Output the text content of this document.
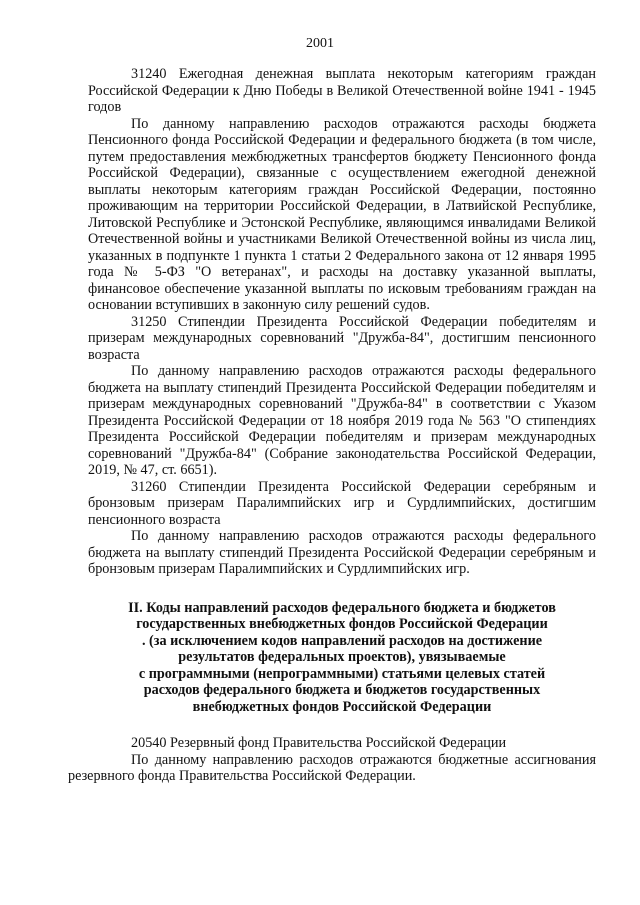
2001

31240 Ежегодная денежная выплата некоторым категориям граждан Российской Федерации к Дню Победы в Великой Отечественной войне 1941 - 1945 годов

По данному направлению расходов отражаются расходы бюджета Пенсионного фонда Российской Федерации и федерального бюджета (в том числе, путем предоставления межбюджетных трансфертов бюджету Пенсионного фонда Российской Федерации), связанные с осуществлением ежегодной денежной выплаты некоторым категориям граждан Российской Федерации, постоянно проживающим на территории Российской Федерации, в Латвийской Республике, Литовской Республике и Эстонской Республике, являющимся инвалидами Великой Отечественной войны и участниками Великой Отечественной войны из числа лиц, указанных в подпункте 1 пункта 1 статьи 2 Федерального закона от 12 января 1995 года № 5-ФЗ "О ветеранах", и расходы на доставку указанной выплаты, финансовое обеспечение указанной выплаты по исковым требованиям граждан на основании вступивших в законную силу решений судов.

31250 Стипендии Президента Российской Федерации победителям и призерам международных соревнований "Дружба-84", достигшим пенсионного возраста

По данному направлению расходов отражаются расходы федерального бюджета на выплату стипендий Президента Российской Федерации победителям и призерам международных соревнований "Дружба-84" в соответствии с Указом Президента Российской Федерации от 18 ноября 2019 года № 563 "О стипендиях Президента Российской Федерации победителям и призерам международных соревнований "Дружба-84" (Собрание законодательства Российской Федерации, 2019, № 47, ст. 6651).

31260 Стипендии Президента Российской Федерации серебряным и бронзовым призерам Паралимпийских игр и Сурдлимпийских, достигшим пенсионного возраста

По данному направлению расходов отражаются расходы федерального бюджета на выплату стипендий Президента Российской Федерации серебряным и бронзовым призерам Паралимпийских и Сурдлимпийских игр.

II. Коды направлений расходов федерального бюджета и бюджетов
государственных внебюджетных фондов Российской Федерации
. (за исключением кодов направлений расходов на достижение
результатов федеральных проектов), увязываемые
с программными (непрограммными) статьями целевых статей
расходов федерального бюджета и бюджетов государственных
внебюджетных фондов Российской Федерации

20540 Резервный фонд Правительства Российской Федерации

По данному направлению расходов отражаются бюджетные ассигнования резервного фонда Правительства Российской Федерации.
